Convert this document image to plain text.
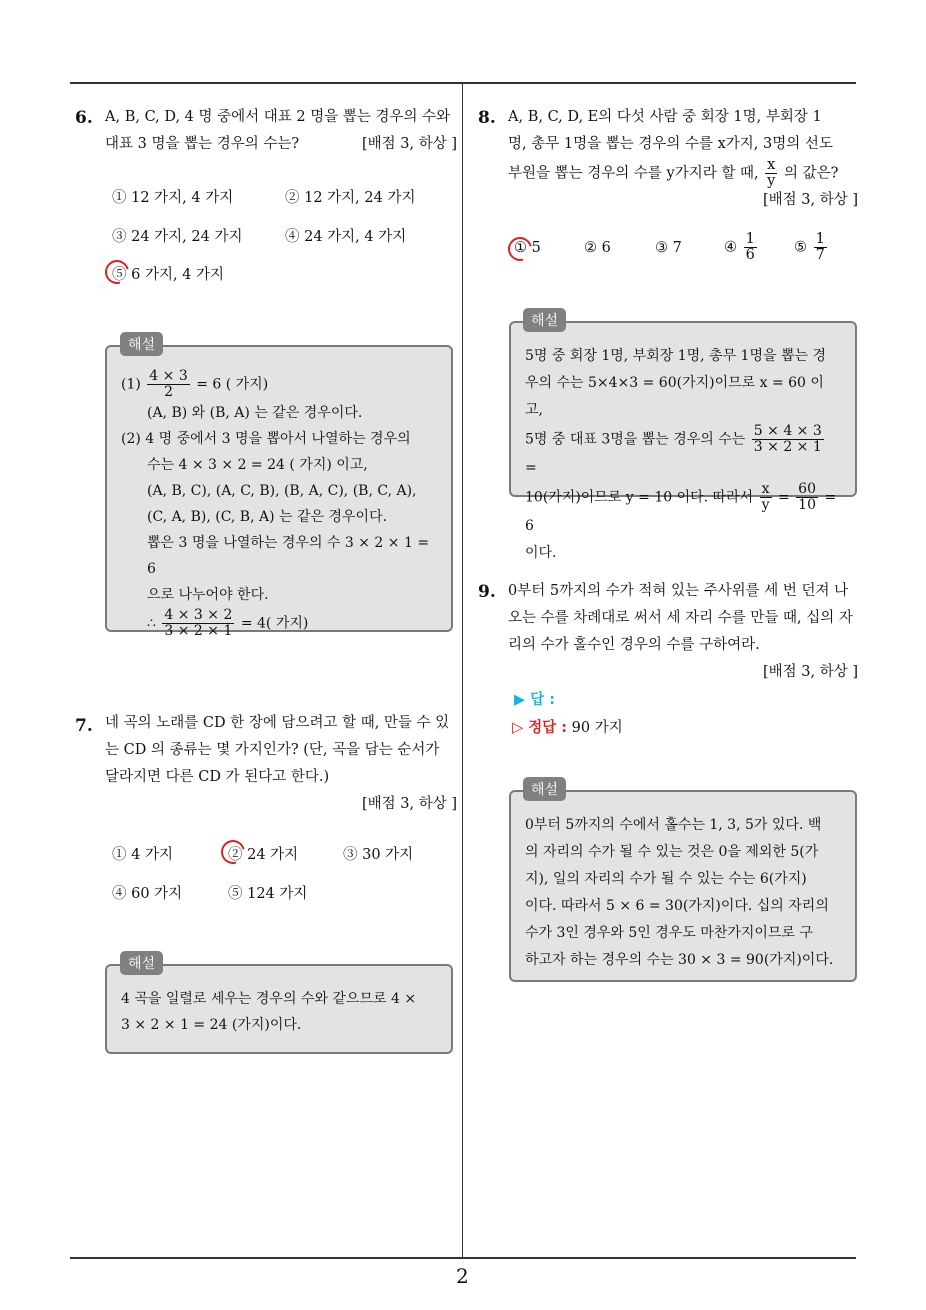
6. A, B, C, D, 4 명 중에서 대표 2 명을 뽑는 경우의 수와 대표 3 명을 뽑는 경우의 수는?	[배점 3, 하상 ]
① 12 가지, 4 가지	② 12 가지, 24 가지
③ 24 가지, 24 가지	④ 24 가지, 4 가지
⑤ 6 가지, 4 가지
$(1) \frac{4 \times 3}{2} = 6$ ( 가지)
(A, B) 와 (B, A) 는 같은 경우이다.
(2) 4 명 중에서 3 명을 뽑아서 나열하는 경우의
수는 4 × 3 × 2 = 24 ( 가지) 이고,
(A, B, C), (A, C, B), (B, A, C), (B, C, A),
(C, A, B), (C, B, A) 는 같은 경우이다.
뽑은 3 명을 나열하는 경우의 수 3 × 2 × 1 = 6
으로 나누어야 한다.
∴ $\frac{4 \times 3 \times 2}{3 \times 2 \times 1} = 4$( 가지)
해설
7. 네 곡의 노래를 CD 한 장에 담으려고 할 때, 만들 수 있는 CD 의 종류는 몇 가지인가? (단, 곡을 담는 순서가 달라지면 다른 CD 가 된다고 한다.)
[배점 3, 하상 ]
① 4 가지	② 24 가지	③ 30 가지
④ 60 가지	⑤ 124 가지
4 곡을 일렬로 세우는 경우의 수와 같으므로 4 ×
3 × 2 × 1 = 24 (가지)이다.
해설
8. A, B, C, D, E의 다섯 사람 중 회장 1명, 부회장 1
명, 총무 1명을 뽑는 경우의 수를 x가지, 3명의 선도
부원을 뽑는 경우의 수를 y가지라 할 때, $\frac{x}{y}$ 의 값은?
[배점 3, 하상 ]
① 5	② 6	③ 7	④ $\frac{1}{6}$	⑤ $\frac{1}{7}$
5명 중 회장 1명, 부회장 1명, 총무 1명을 뽑는 경
우의 수는 5×4×3 = 60(가지)이므로 x = 60 이고,
5명 중 대표 3명을 뽑는 경우의 수는 $\frac{5 \times 4 \times 3}{3 \times 2 \times 1}$
=
10(가지)이므로 y = 10 이다. 따라서 $\frac{x}{y} = \frac{60}{10} = 6$
이다.
해설
9. 0부터 5까지의 수가 적혀 있는 주사위를 세 번 던져 나오는 수를 차례대로 써서 세 자리 수를 만들 때, 십의 자리의 수가 홀수인 경우의 수를 구하여라.
[배점 3, 하상 ]
▶ 답 :
▷ 정답 : 90 가지
0부터 5까지의 수에서 홀수는 1, 3, 5가 있다. 백
의 자리의 수가 될 수 있는 것은 0을 제외한 5(가
지), 일의 자리의 수가 될 수 있는 수는 6(가지)
이다. 따라서 5 × 6 = 30(가지)이다. 십의 자리의
수가 3인 경우와 5인 경우도 마찬가지이므로 구
하고자 하는 경우의 수는 30 × 3 = 90(가지)이다.
해설
2
